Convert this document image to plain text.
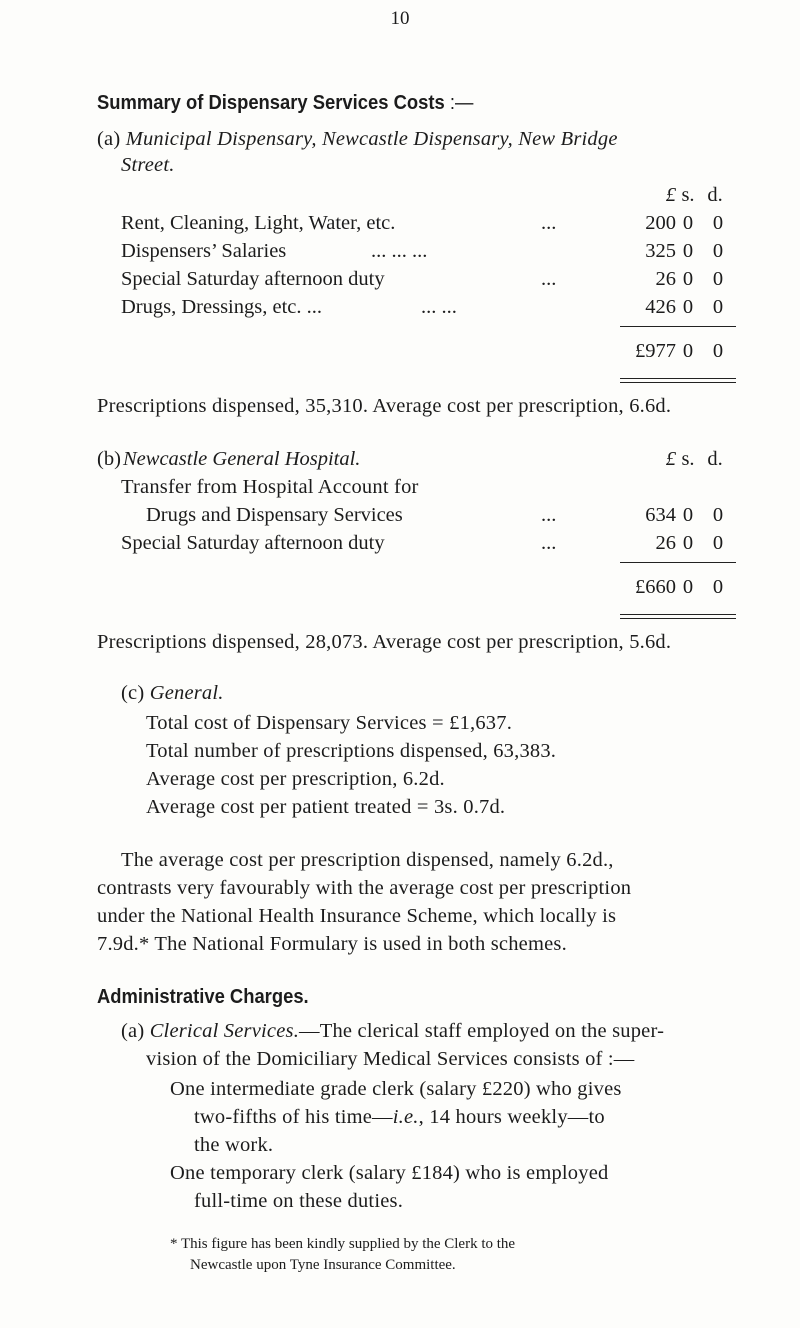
10
Summary of Dispensary Services Costs :—
(a) Municipal Dispensary, Newcastle Dispensary, New Bridge
Street.
£ s. d.
Rent, Cleaning, Light, Water, etc.	...	200 0 0
Dispensers’ Salaries	... ... ...	325 0 0
Special Saturday afternoon duty	...	26 0 0
Drugs, Dressings, etc. ...	... ...	426 0 0
£977 0 0
Prescriptions dispensed, 35,310. Average cost per prescription, 6.6d.
(b) Newcastle General Hospital.	£ s. d.
Transfer from Hospital Account for
Drugs and Dispensary Services	...	634 0 0
Special Saturday afternoon duty	...	26 0 0
£660 0 0
Prescriptions dispensed, 28,073. Average cost per prescription, 5.6d.
(c) General.
Total cost of Dispensary Services = £1,637.
Total number of prescriptions dispensed, 63,383.
Average cost per prescription, 6.2d.
Average cost per patient treated = 3s. 0.7d.
The average cost per prescription dispensed, namely 6.2d.,
contrasts very favourably with the average cost per prescription
under the National Health Insurance Scheme, which locally is
7.9d.* The National Formulary is used in both schemes.
Administrative Charges.
(a) Clerical Services.—The clerical staff employed on the super-
vision of the Domiciliary Medical Services consists of :—
One intermediate grade clerk (salary £220) who gives
two-fifths of his time—i.e., 14 hours weekly—to
the work.
One temporary clerk (salary £184) who is employed
full-time on these duties.
* This figure has been kindly supplied by the Clerk to the
Newcastle upon Tyne Insurance Committee.
